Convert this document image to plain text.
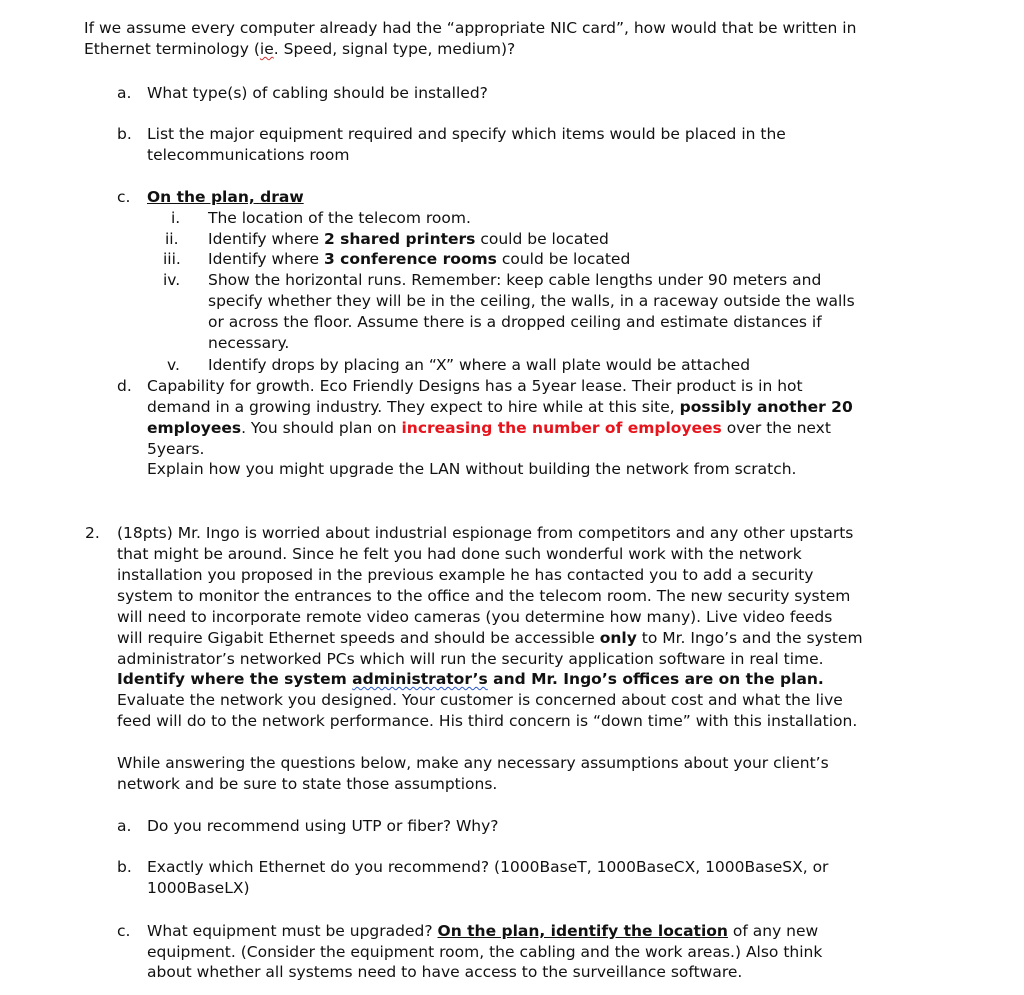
If we assume every computer already had the “appropriate NIC card”, how would that be written in
Ethernet terminology (ie. Speed, signal type, medium)?
a. What type(s) of cabling should be installed?
b. List the major equipment required and specify which items would be placed in the
telecommunications room
c. On the plan, draw
i. The location of the telecom room.
ii. Identify where 2 shared printers could be located
iii. Identify where 3 conference rooms could be located
iv. Show the horizontal runs. Remember: keep cable lengths under 90 meters and
specify whether they will be in the ceiling, the walls, in a raceway outside the walls
or across the floor. Assume there is a dropped ceiling and estimate distances if
necessary.
v. Identify drops by placing an “X” where a wall plate would be attached
d. Capability for growth. Eco Friendly Designs has a 5year lease. Their product is in hot
demand in a growing industry. They expect to hire while at this site, possibly another 20
employees. You should plan on increasing the number of employees over the next
5years.
Explain how you might upgrade the LAN without building the network from scratch.
2. (18pts) Mr. Ingo is worried about industrial espionage from competitors and any other upstarts
that might be around. Since he felt you had done such wonderful work with the network
installation you proposed in the previous example he has contacted you to add a security
system to monitor the entrances to the office and the telecom room. The new security system
will need to incorporate remote video cameras (you determine how many). Live video feeds
will require Gigabit Ethernet speeds and should be accessible only to Mr. Ingo’s and the system
administrator’s networked PCs which will run the security application software in real time.
Identify where the system administrator’s and Mr. Ingo’s offices are on the plan.
Evaluate the network you designed. Your customer is concerned about cost and what the live
feed will do to the network performance. His third concern is “down time” with this installation.
While answering the questions below, make any necessary assumptions about your client’s
network and be sure to state those assumptions.
a. Do you recommend using UTP or fiber? Why?
b. Exactly which Ethernet do you recommend? (1000BaseT, 1000BaseCX, 1000BaseSX, or
1000BaseLX)
c. What equipment must be upgraded? On the plan, identify the location of any new
equipment. (Consider the equipment room, the cabling and the work areas.) Also think
about whether all systems need to have access to the surveillance software.
